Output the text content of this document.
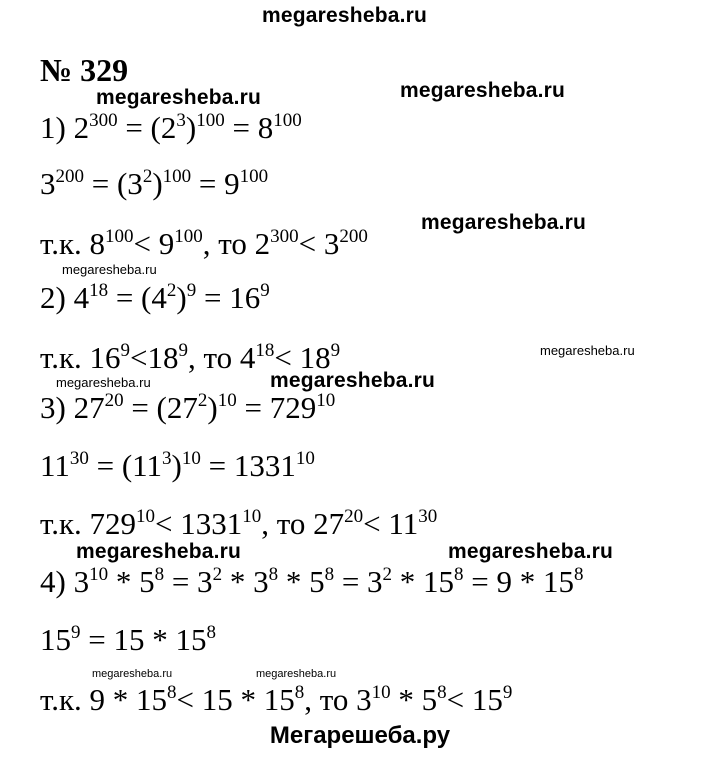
megaresheba.ru
megaresheba.ru	megaresheba.ru
megaresheba.ru
megaresheba.ru
megaresheba.ru
megaresheba.ru	megaresheba.ru
megaresheba.ru	megaresheba.ru
megaresheba.ru	megaresheba.ru
№ 329
1) $2^{300} = (2^3)^{100} = 8^{100}$
$3^{200} = (3^2)^{100} = 9^{100}$
т.к. $8^{100}< 9^{100}$, то $2^{300}< 3^{200}$
2) $4^{18} = (4^2)^9 = 16^9$
т.к. $16^9<18^9$, то $4^{18}< 18^9$
3) $27^{20} = (27^2)^{10} = 729^{10}$
$11^{30} = (11^3)^{10} = 1331^{10}$
т.к. $729^{10}< 1331^{10}$, то $27^{20}< 11^{30}$
4) $3^{10} * 5^8 = 3^2 * 3^8 * 5^8 = 3^2 * 15^8 = 9 * 15^8$
$15^9 = 15 * 15^8$
т.к. $9 * 15^8< 15 * 15^8$, то $3^{10} * 5^8< 15^9$
Мегарешеба.ру
